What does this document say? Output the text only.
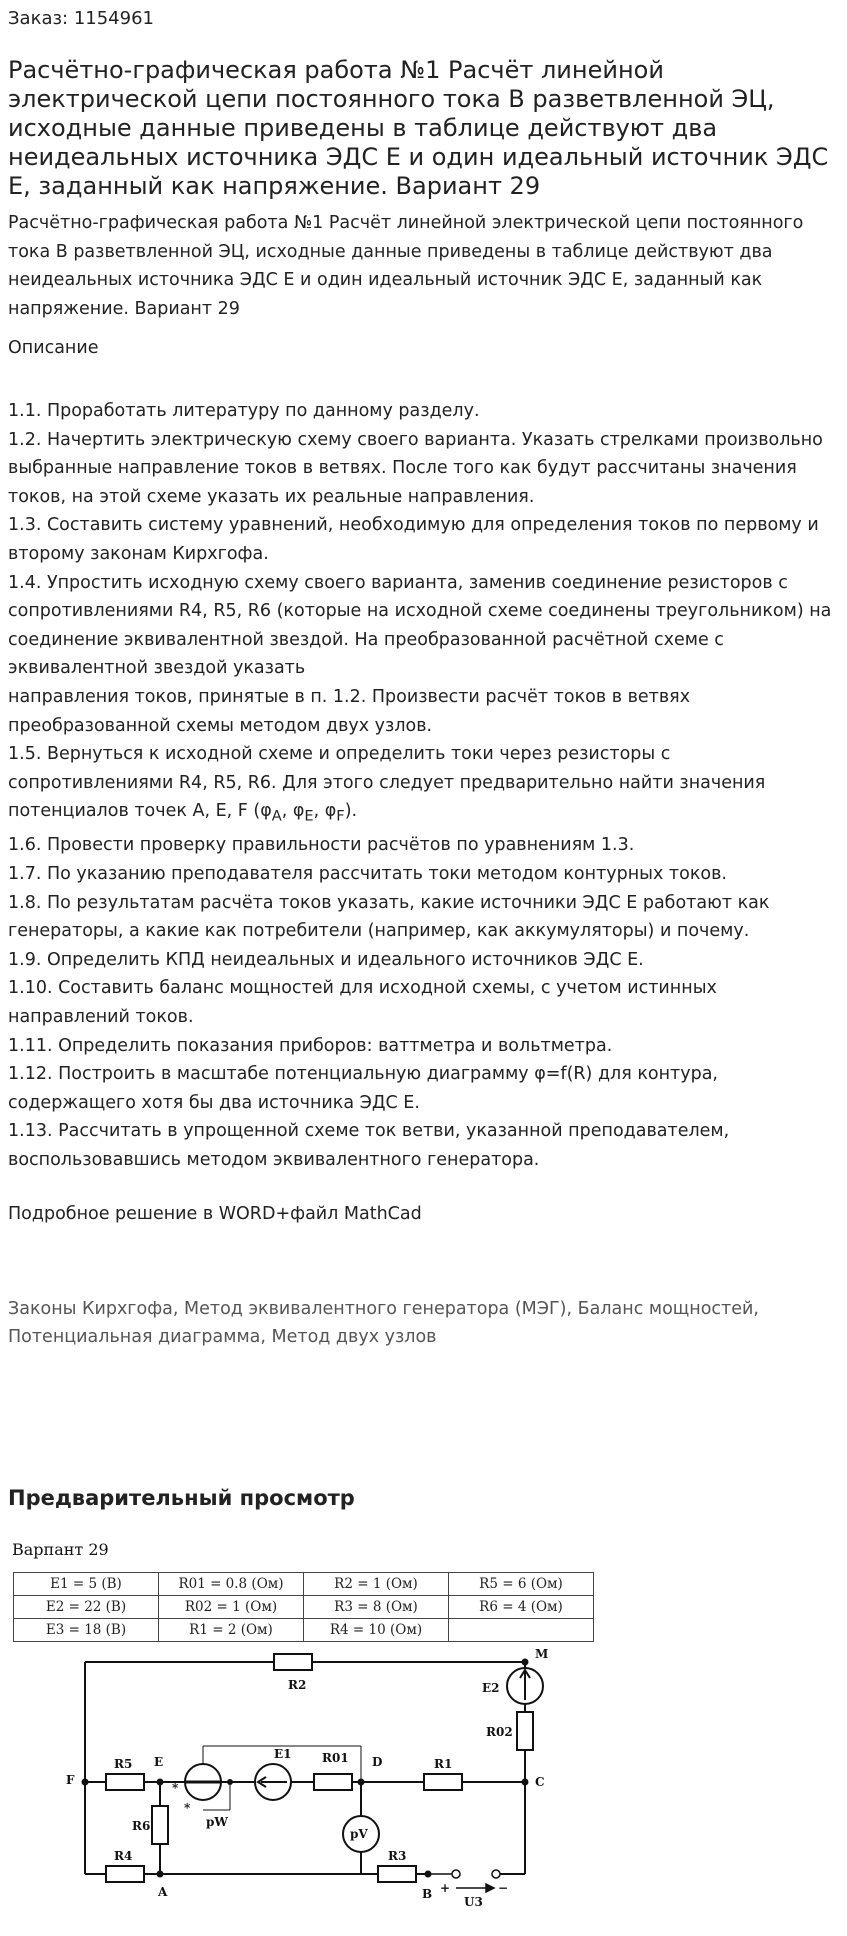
Заказ: 1154961
Расчётно-графическая работа №1 Расчёт линейной электрической цепи постоянного тока В разветвленной ЭЦ, исходные данные приведены в таблице действуют два неидеальных источника ЭДС E и один идеальный источник ЭДС E, заданный как напряжение. Вариант 29
Расчётно-графическая работа №1 Расчёт линейной электрической цепи постоянного тока В разветвленной ЭЦ, исходные данные приведены в таблице действуют два неидеальных источника ЭДС E и один идеальный источник ЭДС E, заданный как напряжение. Вариант 29
Описание
1.1. Проработать литературу по данному разделу.
1.2. Начертить электрическую схему своего варианта. Указать стрелками произвольно выбранные направление токов в ветвях. После того как будут рассчитаны значения токов, на этой схеме указать их реальные направления.
1.3. Составить систему уравнений, необходимую для определения токов по первому и второму законам Кирхгофа.
1.4. Упростить исходную схему своего варианта, заменив соединение резисторов с сопротивлениями R4, R5, R6 (которые на исходной схеме соединены треугольником) на соединение эквивалентной звездой. На преобразованной расчётной схеме с эквивалентной звездой указать
направления токов, принятые в п. 1.2. Произвести расчёт токов в ветвях преобразованной схемы методом двух узлов.
1.5. Вернуться к исходной схеме и определить токи через резисторы с сопротивлениями R4, R5, R6. Для этого следует предварительно найти значения потенциалов точек A, E, F ($\varphi_A$, $\varphi_E$, $\varphi_F$).
1.6. Провести проверку правильности расчётов по уравнениям 1.3.
1.7. По указанию преподавателя рассчитать токи методом контурных токов.
1.8. По результатам расчёта токов указать, какие источники ЭДС E работают как генераторы, а какие как потребители (например, как аккумуляторы) и почему.
1.9. Определить КПД неидеальных и идеального источников ЭДС E.
1.10. Составить баланс мощностей для исходной схемы, с учетом истинных направлений токов.
1.11. Определить показания приборов: ваттметра и вольтметра.
1.12. Построить в масштабе потенциальную диаграмму φ=f(R) для контура, содержащего хотя бы два источника ЭДС E.
1.13. Рассчитать в упрощенной схеме ток ветви, указанной преподавателем, воспользовавшись методом эквивалентного генератора.
Подробное решение в WORD+файл MathCad
Законы Кирхгофа, Метод эквивалентного генератора (МЭГ), Баланс мощностей, Потенциальная диаграмма, Метод двух узлов
Предварительный просмотр
Варпант 29
E1 = 5 (B)	R01 = 0.8 (Ом)	R2 = 1 (Ом)	R5 = 6 (Ом)
E2 = 22 (B)	R02 = 1 (Ом)	R3 = 8 (Ом)	R6 = 4 (Ом)
E3 = 18 (B)	R1 = 2 (Ом)	R4 = 10 (Ом)	
M
R2	E2
R02
F
R5 E
E1	R01 D	R1
C
*
*
pW
R6
pV
R4	R3
A	B +	−
U3
